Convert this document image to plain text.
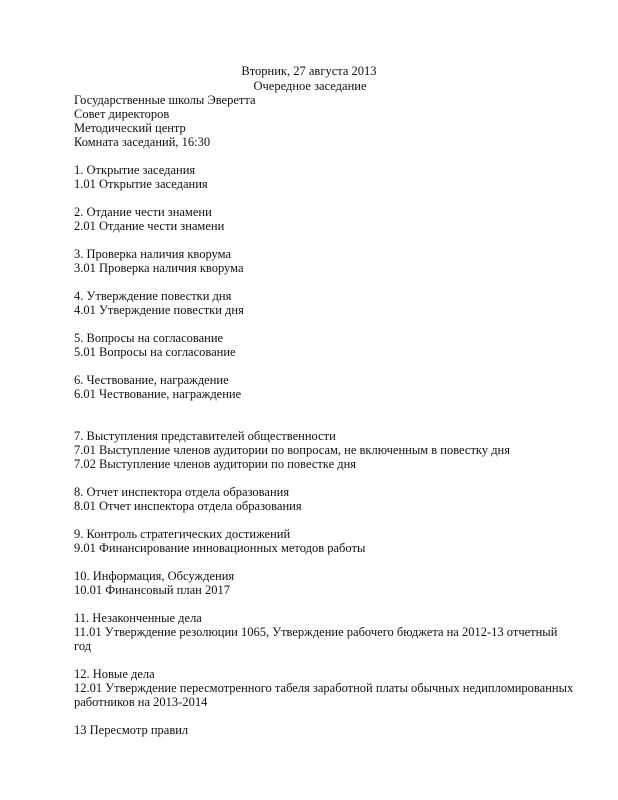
Вторник, 27 августа 2013
Очередное заседание
Государственные школы Эверетта
Совет директоров
Методический центр
Комната заседаний, 16:30
1. Открытие заседания
1.01 Открытие заседания
2. Отдание чести знамени
2.01 Отдание чести знамени
3. Проверка наличия кворума
3.01 Проверка наличия кворума
4. Утверждение повестки дня
4.01 Утверждение повестки дня
5. Вопросы на согласование
5.01 Вопросы на согласование
6. Чествование, награждение
6.01 Чествование, награждение
7. Выступления представителей общественности
7.01 Выступление членов аудитории по вопросам, не включенным в повестку дня
7.02 Выступление членов аудитории по повестке дня
8. Отчет инспектора отдела образования
8.01 Отчет инспектора отдела образования
9. Контроль стратегических достижений
9.01 Финансирование инновационных методов работы
10. Информация, Обсуждения
10.01 Финансовый план 2017
11. Незаконченные дела
11.01 Утверждение резолюции 1065, Утверждение рабочего бюджета на 2012-13 отчетный год
12. Новые дела
12.01 Утверждение пересмотренного табеля заработной платы обычных недипломированных работников на 2013-2014
13 Пересмотр правил
